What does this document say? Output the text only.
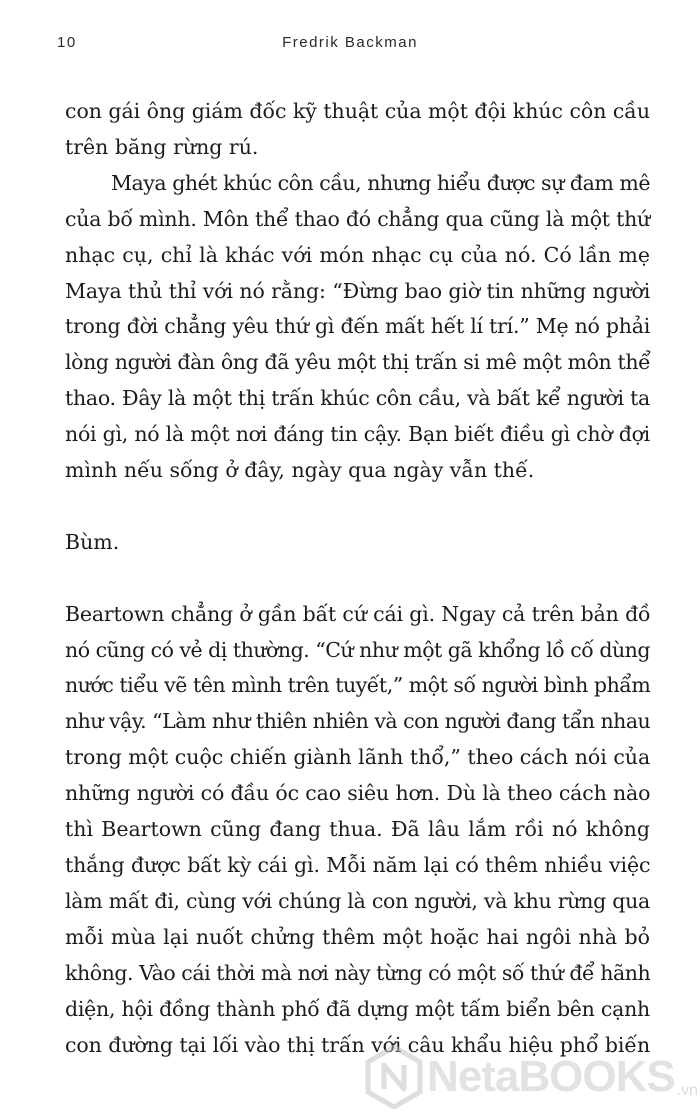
10	Fredrik Backman
con gái ông giám đốc kỹ thuật của một đội khúc côn cầu
trên băng rừng rú.
Maya ghét khúc côn cầu, nhưng hiểu được sự đam mê
của bố mình. Môn thể thao đó chẳng qua cũng là một thứ
nhạc cụ, chỉ là khác với món nhạc cụ của nó. Có lần mẹ
Maya thủ thỉ với nó rằng: “Đừng bao giờ tin những người
trong đời chẳng yêu thứ gì đến mất hết lí trí.” Mẹ nó phải
lòng người đàn ông đã yêu một thị trấn si mê một môn thể
thao. Đây là một thị trấn khúc côn cầu, và bất kể người ta
nói gì, nó là một nơi đáng tin cậy. Bạn biết điều gì chờ đợi
mình nếu sống ở đây, ngày qua ngày vẫn thế.
Bùm.
Beartown chẳng ở gần bất cứ cái gì. Ngay cả trên bản đồ
nó cũng có vẻ dị thường. “Cứ như một gã khổng lồ cố dùng
nước tiểu vẽ tên mình trên tuyết,” một số người bình phẩm
như vậy. “Làm như thiên nhiên và con người đang tẩn nhau
trong một cuộc chiến giành lãnh thổ,” theo cách nói của
những người có đầu óc cao siêu hơn. Dù là theo cách nào
thì Beartown cũng đang thua. Đã lâu lắm rồi nó không
thắng được bất kỳ cái gì. Mỗi năm lại có thêm nhiều việc
làm mất đi, cùng với chúng là con người, và khu rừng qua
mỗi mùa lại nuốt chửng thêm một hoặc hai ngôi nhà bỏ
không. Vào cái thời mà nơi này từng có một số thứ để hãnh
diện, hội đồng thành phố đã dựng một tấm biển bên cạnh
con đường tại lối vào thị trấn với câu khẩu hiệu phổ biến
NetaBOOKS .vn
